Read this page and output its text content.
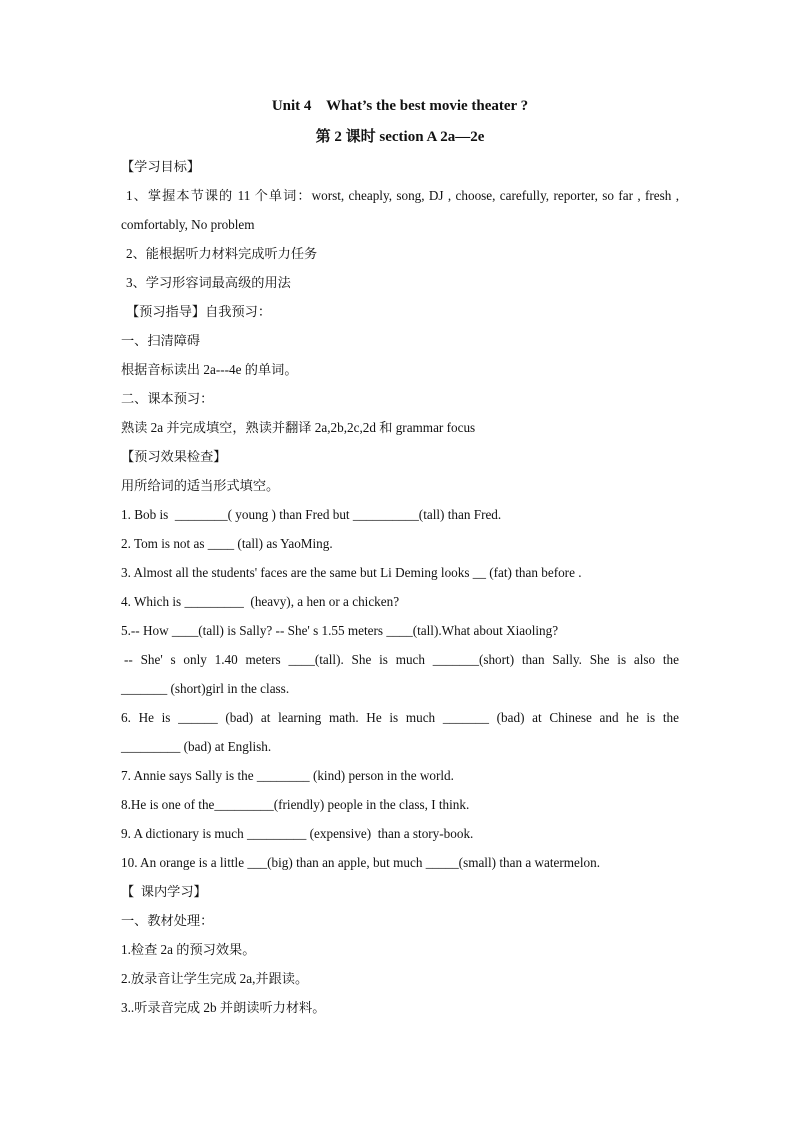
Unit 4    What’s the best movie theater ?

第 2 课时 section A 2a—2e

【学习目标】

1、掌握本节课的 11 个单词：worst, cheaply, song, DJ , choose, carefully, reporter, so far , fresh ,

comfortably, No problem

2、能根据听力材料完成听力任务

3、学习形容词最高级的用法

【预习指导】自我预习：

一、扫清障碍

根据音标读出 2a---4e 的单词。

二、课本预习：

熟读 2a 并完成填空，熟读并翻译 2a,2b,2c,2d 和 grammar focus

【预习效果检查】

用所给词的适当形式填空。

1. Bob is  ________( young ) than Fred but __________(tall) than Fred.

2. Tom is not as ____ (tall) as YaoMing.

3. Almost all the students' faces are the same but Li Deming looks __ (fat) than before .

4. Which is _________  (heavy), a hen or a chicken?

5.-- How ____(tall) is Sally? -- She' s 1.55 meters ____(tall).What about Xiaoling?

-- She' s only 1.40 meters ____(tall). She is much _______(short) than Sally. She is also the

_______ (short)girl in the class.

6. He is ______ (bad) at learning math. He is much _______ (bad) at Chinese and he is the

_________ (bad) at English.

7. Annie says Sally is the ________ (kind) person in the world.

8.He is one of the_________(friendly) people in the class, I think.

9. A dictionary is much _________ (expensive)  than a story-book.

10. An orange is a little ___(big) than an apple, but much _____(small) than a watermelon.

【  课内学习】

一、教材处理：

1.检查 2a 的预习效果。

2.放录音让学生完成 2a,并跟读。

3..听录音完成 2b 并朗读听力材料。
